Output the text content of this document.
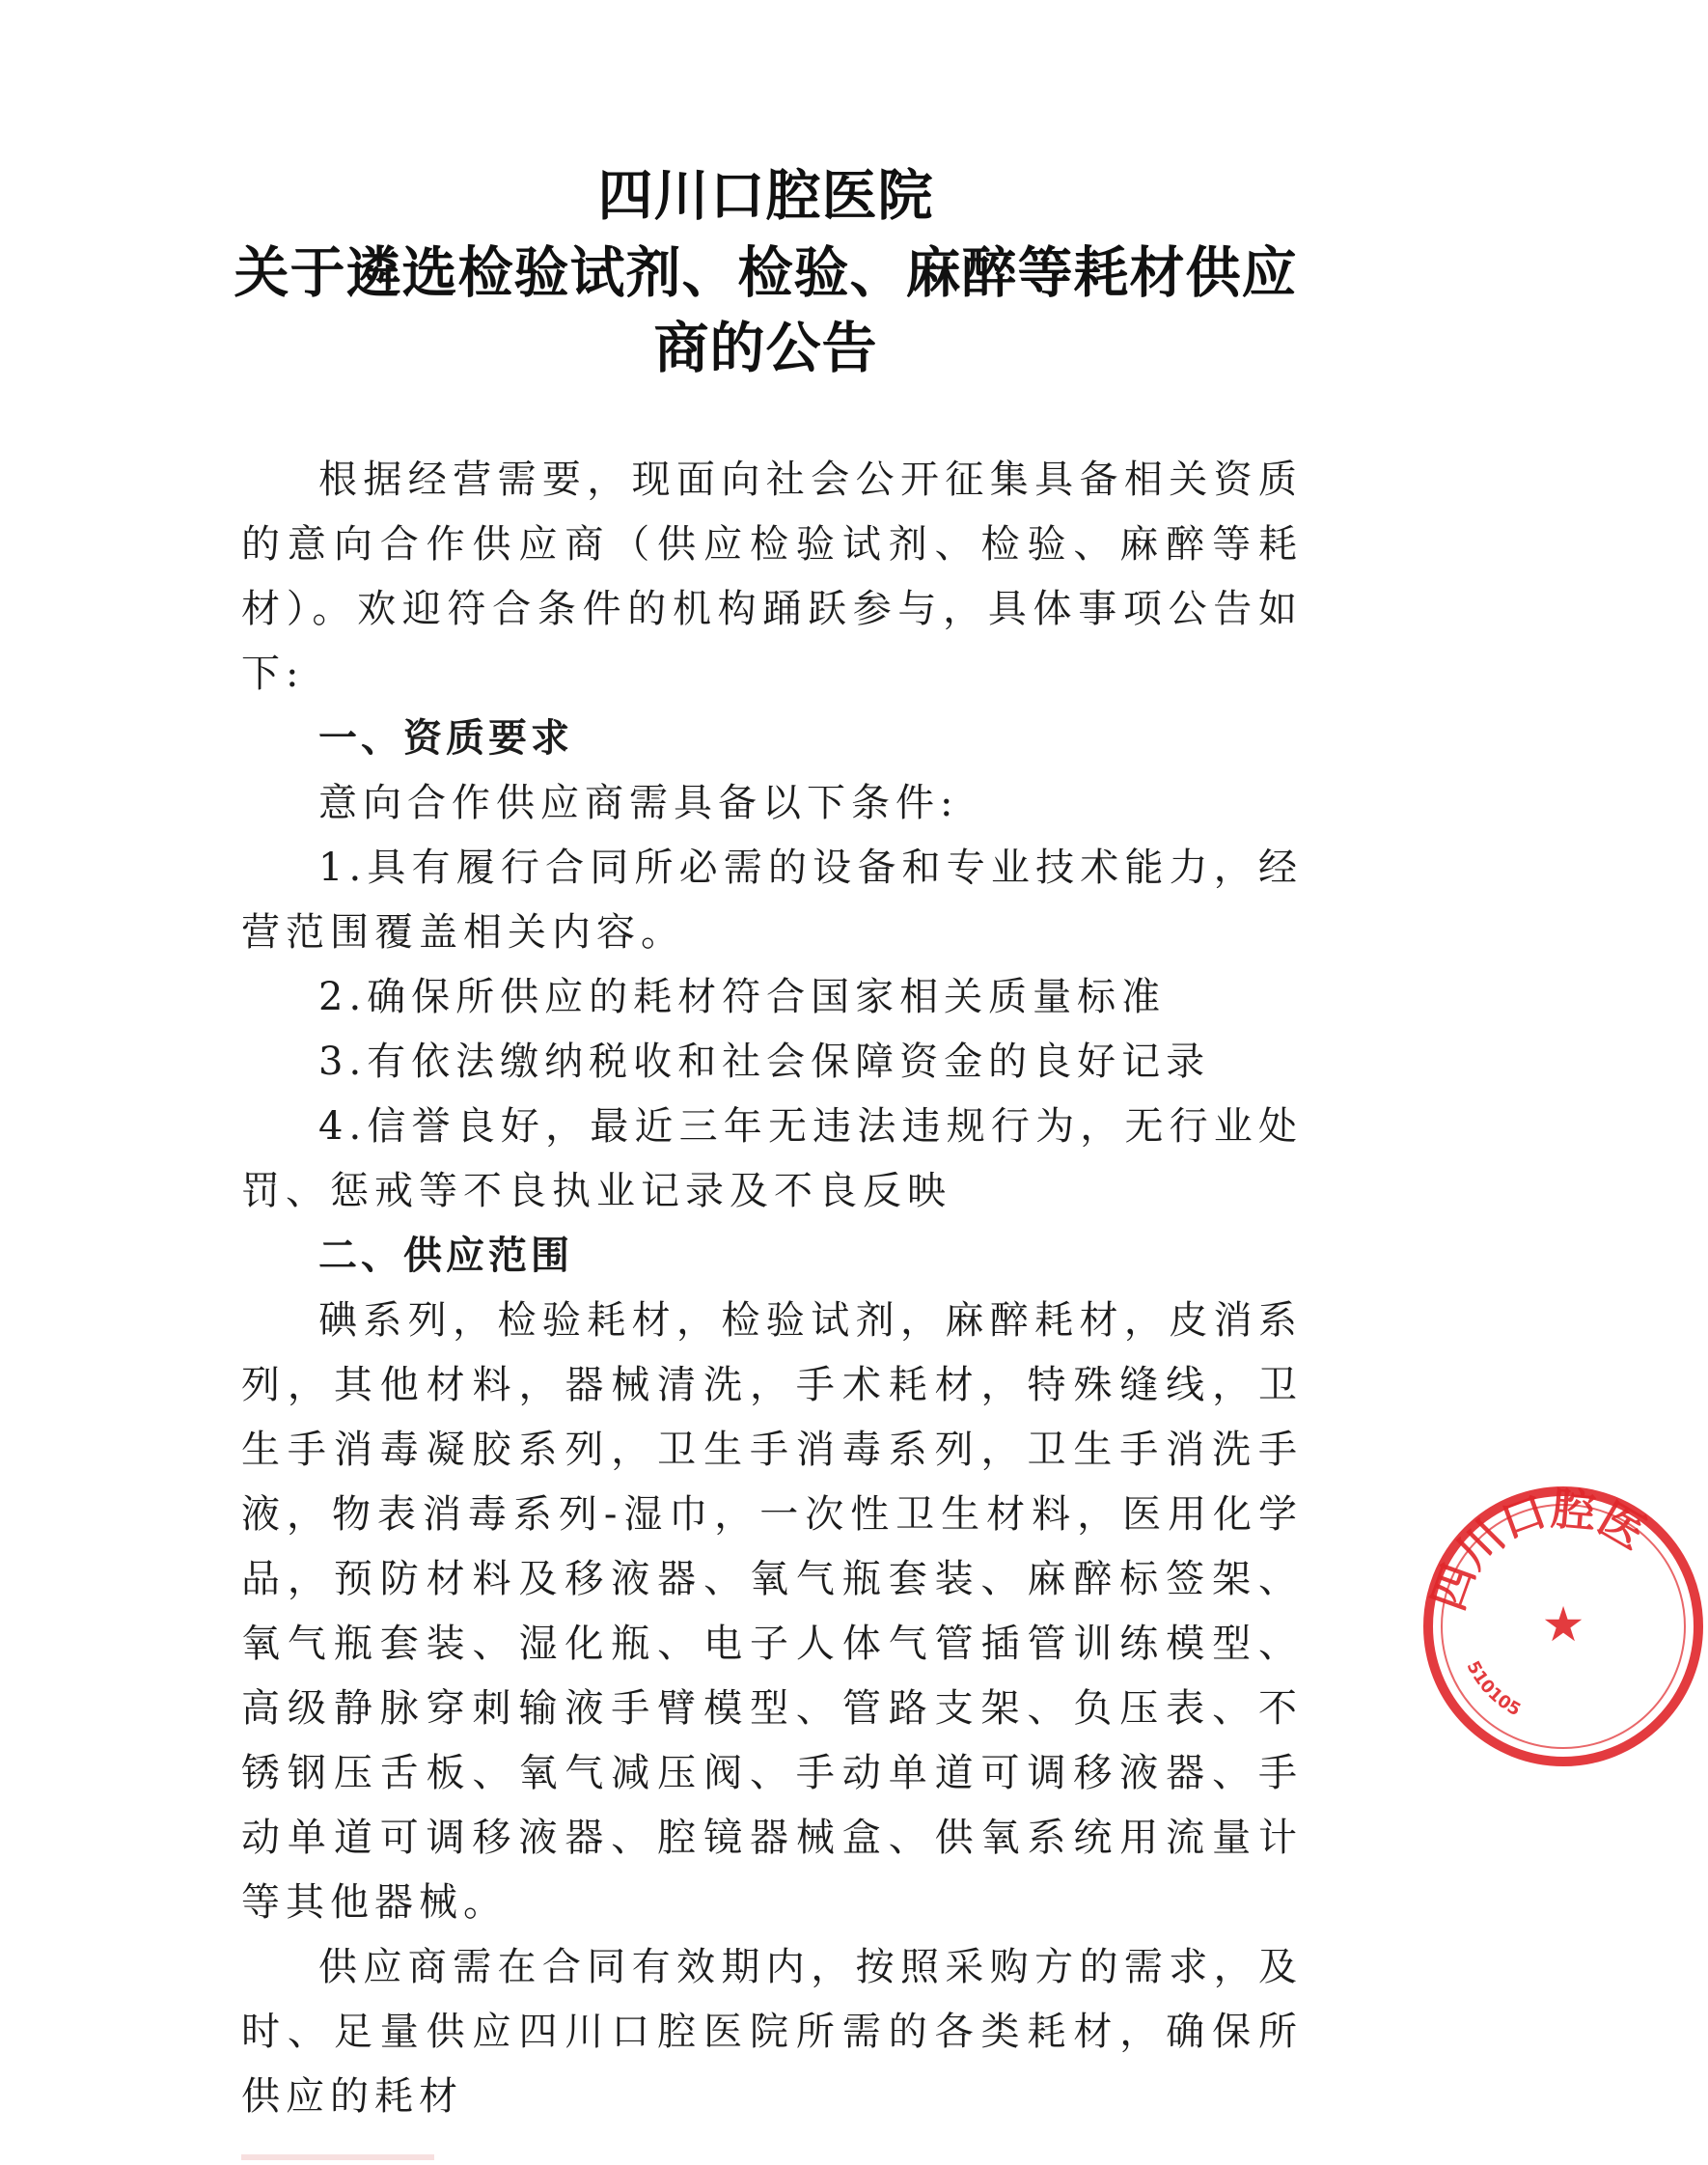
四川口腔医院
关于遴选检验试剂、检验、麻醉等耗材供应
商的公告

根据经营需要，现面向社会公开征集具备相关资质的意向合作供应商（供应检验试剂、检验、麻醉等耗材）。欢迎符合条件的机构踊跃参与，具体事项公告如下:

一、资质要求

意向合作供应商需具备以下条件:

1.具有履行合同所必需的设备和专业技术能力，经营范围覆盖相关内容。

2.确保所供应的耗材符合国家相关质量标准

3.有依法缴纳税收和社会保障资金的良好记录

4.信誉良好，最近三年无违法违规行为，无行业处罚、惩戒等不良执业记录及不良反映

二、供应范围

碘系列，检验耗材，检验试剂，麻醉耗材，皮消系列，其他材料，器械清洗，手术耗材，特殊缝线，卫生手消毒凝胶系列，卫生手消毒系列，卫生手消洗手液，物表消毒系列-湿巾，一次性卫生材料，医用化学品，预防材料及移液器、氧气瓶套装、麻醉标签架、氧气瓶套装、湿化瓶、电子人体气管插管训练模型、高级静脉穿刺输液手臂模型、管路支架、负压表、不锈钢压舌板、氧气减压阀、手动单道可调移液器、手动单道可调移液器、腔镜器械盒、供氧系统用流量计等其他器械。

供应商需在合同有效期内，按照采购方的需求，及时、足量供应四川口腔医院所需的各类耗材，确保所供应的耗材

四川口腔医
510105
★
